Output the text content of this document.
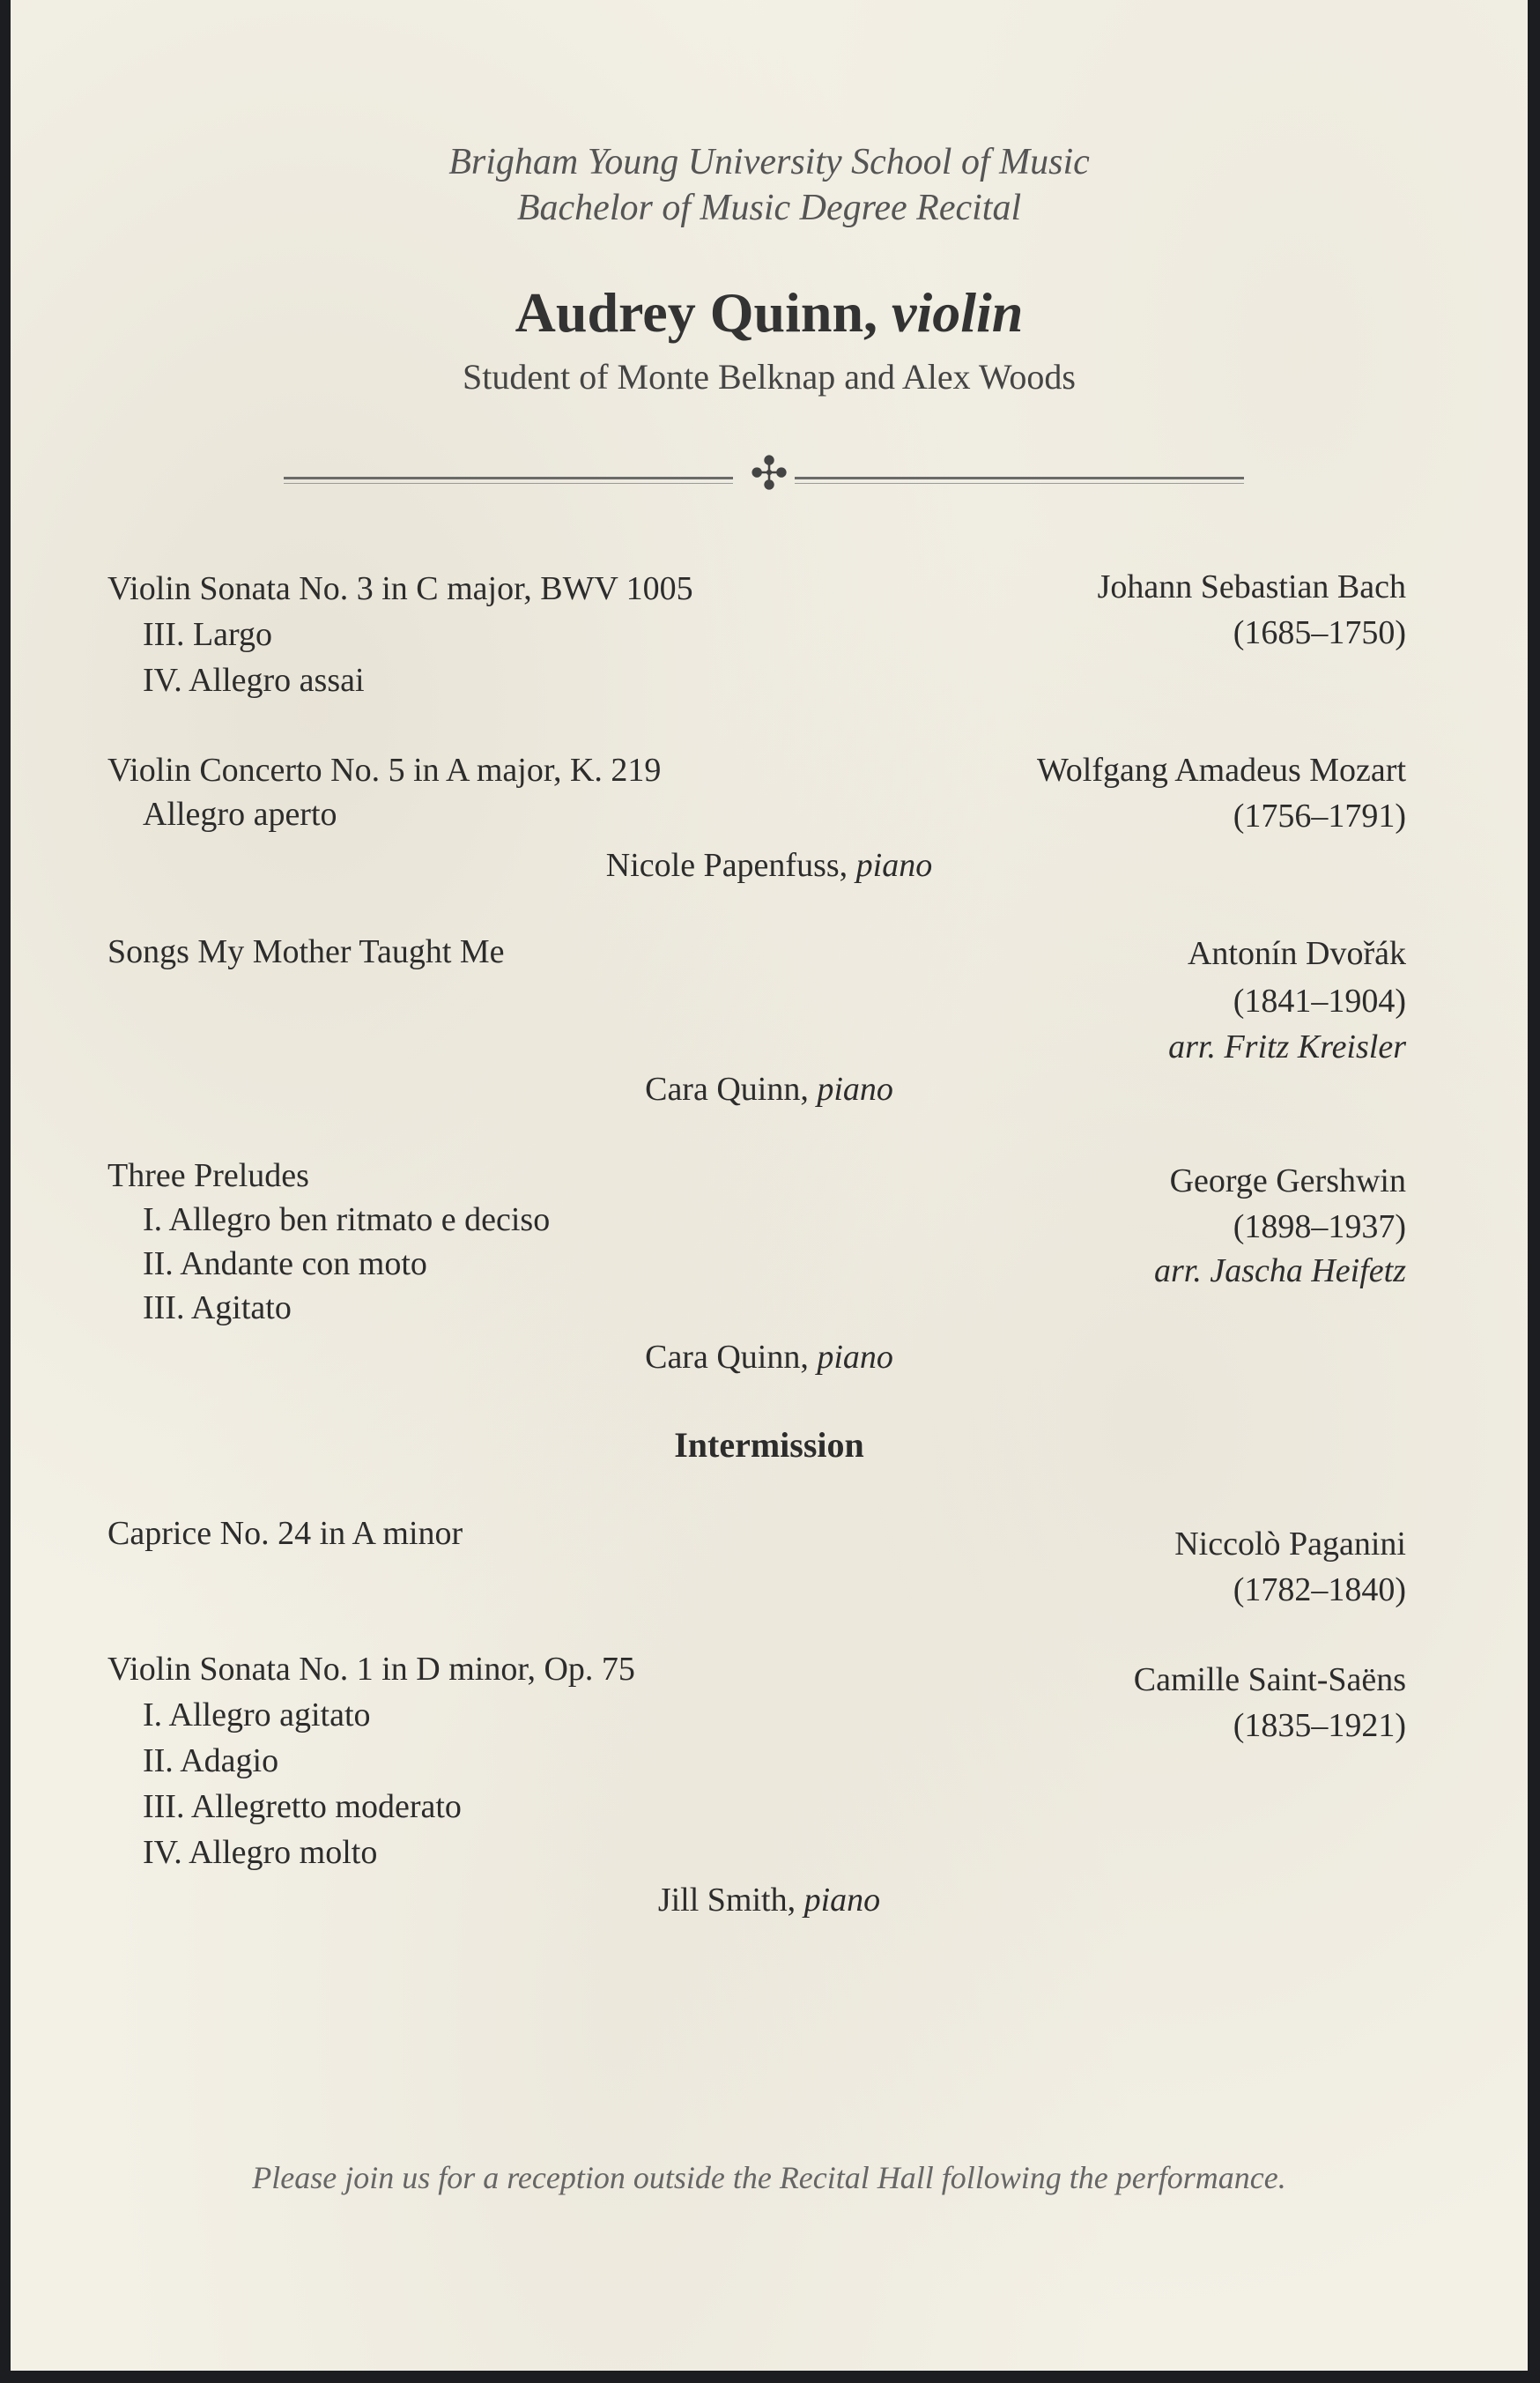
Brigham Young University School of Music
Bachelor of Music Degree Recital
Audrey Quinn, violin
Student of Monte Belknap and Alex Woods
✣
Violin Sonata No. 3 in C major, BWV 1005
III. Largo
IV. Allegro assai
Johann Sebastian Bach
(1685–1750)
Violin Concerto No. 5 in A major, K. 219
Allegro aperto
Wolfgang Amadeus Mozart
(1756–1791)
Nicole Papenfuss, piano
Songs My Mother Taught Me	Antonín Dvořák
(1841–1904)
arr. Fritz Kreisler
Cara Quinn, piano
Three Preludes
I. Allegro ben ritmato e deciso
II. Andante con moto
III. Agitato
George Gershwin
(1898–1937)
arr. Jascha Heifetz
Cara Quinn, piano
Intermission
Caprice No. 24 in A minor	Niccolò Paganini
(1782–1840)
Violin Sonata No. 1 in D minor, Op. 75
I. Allegro agitato
II. Adagio
III. Allegretto moderato
IV. Allegro molto
Camille Saint-Saëns
(1835–1921)
Jill Smith, piano
Please join us for a reception outside the Recital Hall following the performance.
